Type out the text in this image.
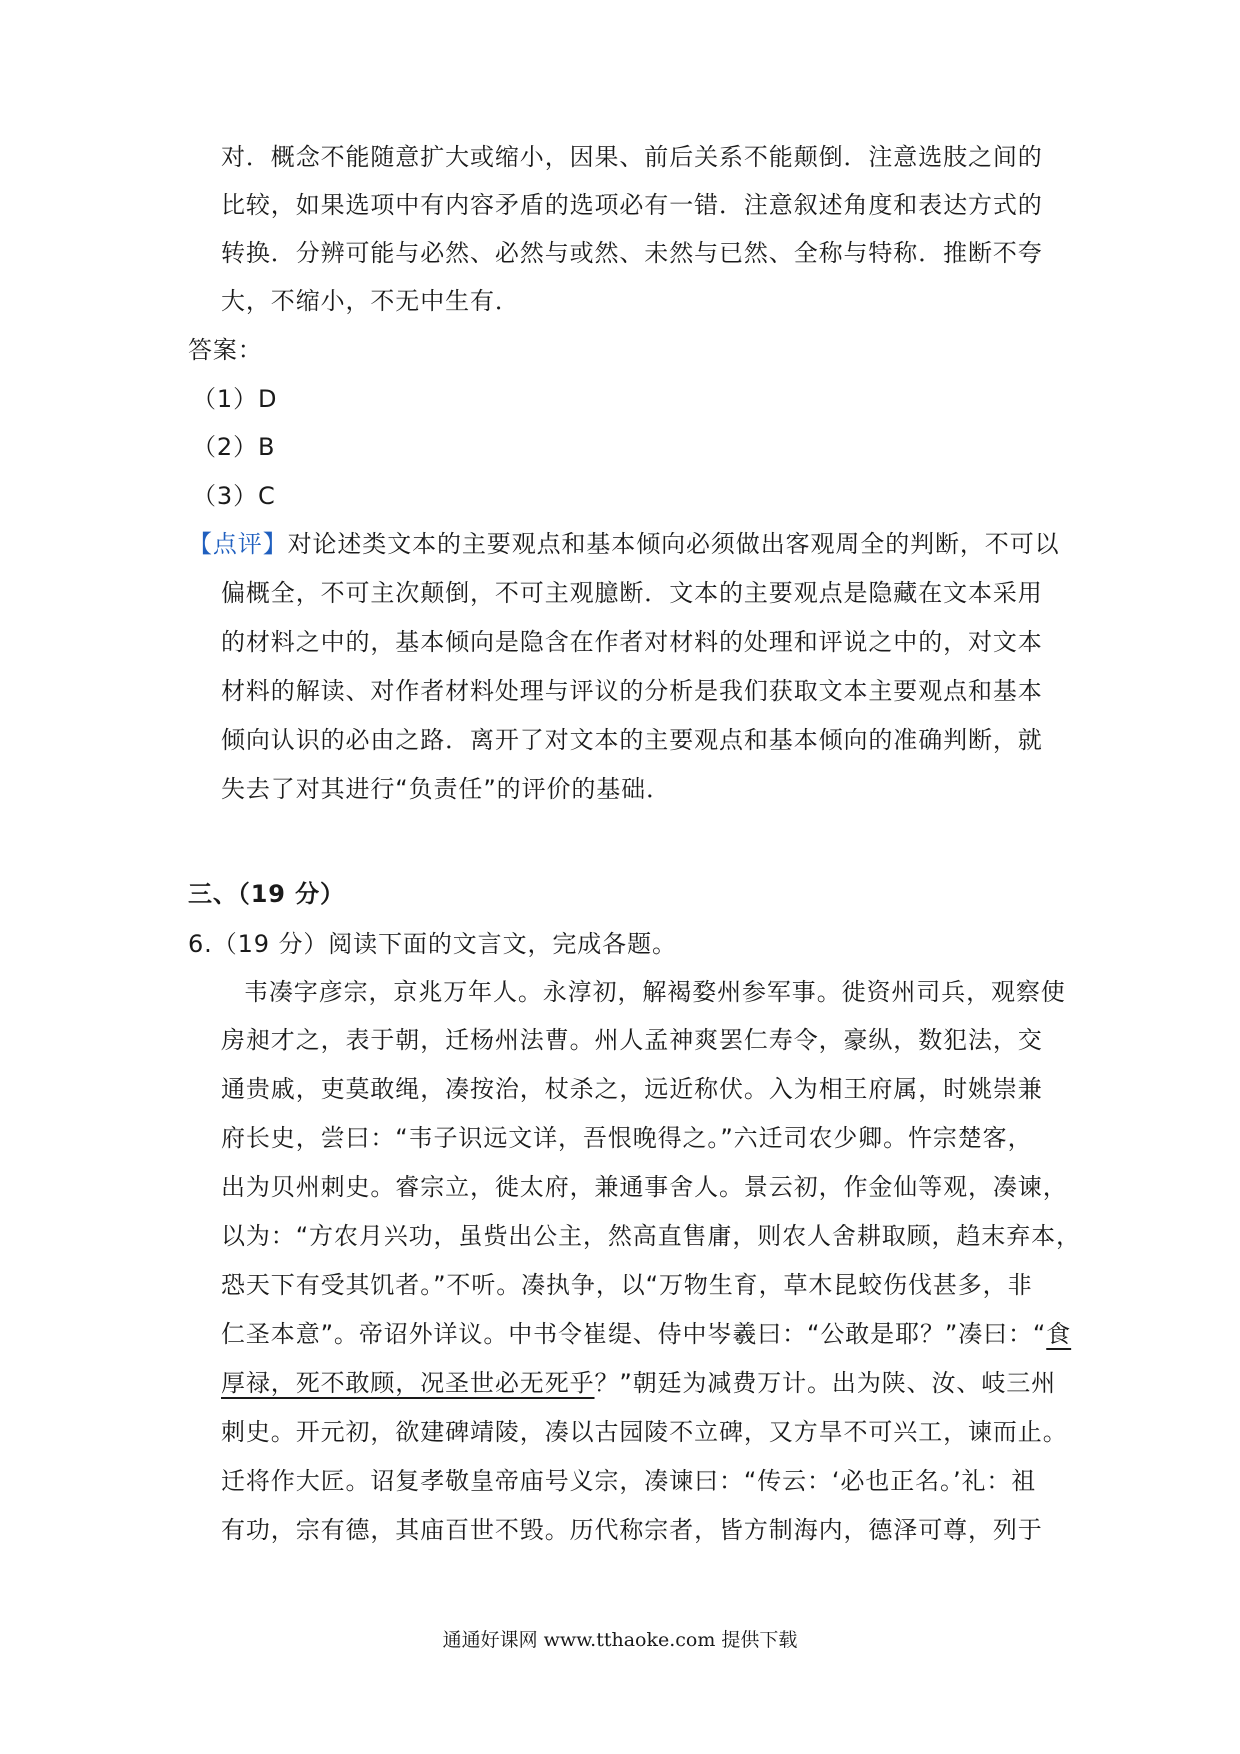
对．概念不能随意扩大或缩小，因果、前后关系不能颠倒．注意选肢之间的

比较，如果选项中有内容矛盾的选项必有一错．注意叙述角度和表达方式的

转换．分辨可能与必然、必然与或然、未然与已然、全称与特称．推断不夸

大，不缩小，不无中生有．

答案：

（1）D

（2）B

（3）C

【点评】对论述类文本的主要观点和基本倾向必须做出客观周全的判断，不可以

偏概全，不可主次颠倒，不可主观臆断．文本的主要观点是隐藏在文本采用

的材料之中的，基本倾向是隐含在作者对材料的处理和评说之中的，对文本

材料的解读、对作者材料处理与评议的分析是我们获取文本主要观点和基本

倾向认识的必由之路．离开了对文本的主要观点和基本倾向的准确判断，就

失去了对其进行“负责任”的评价的基础．

三、（19 分）

6.（19 分）阅读下面的文言文，完成各题。

韦凑字彦宗，京兆万年人。永淳初，解褐婺州参军事。徙资州司兵，观察使

房昶才之，表于朝，迁杨州法曹。州人孟神爽罢仁寿令，豪纵，数犯法，交

通贵戚，吏莫敢绳，凑按治，杖杀之，远近称伏。入为相王府属，时姚崇兼

府长史，尝曰：“韦子识远文详，吾恨晚得之。”六迁司农少卿。忤宗楚客，

出为贝州刺史。睿宗立，徙太府，兼通事舍人。景云初，作金仙等观，凑谏，

以为：“方农月兴功，虽赀出公主，然高直售庸，则农人舍耕取顾，趋末弃本，

恐天下有受其饥者。”不听。凑执争，以“万物生育，草木昆蛟伤伐甚多，非

仁圣本意”。帝诏外详议。中书令崔缇、侍中岑羲曰：“公敢是耶？”凑曰：“食

厚禄，死不敢顾，况圣世必无死乎？”朝廷为减费万计。出为陕、汝、岐三州

刺史。开元初，欲建碑靖陵，凑以古园陵不立碑，又方旱不可兴工，谏而止。

迁将作大匠。诏复孝敬皇帝庙号义宗，凑谏曰：“传云：‘必也正名。’礼：祖

有功，宗有德，其庙百世不毁。历代称宗者，皆方制海内，德泽可尊，列于

通通好课网 www.tthaoke.com 提供下载
